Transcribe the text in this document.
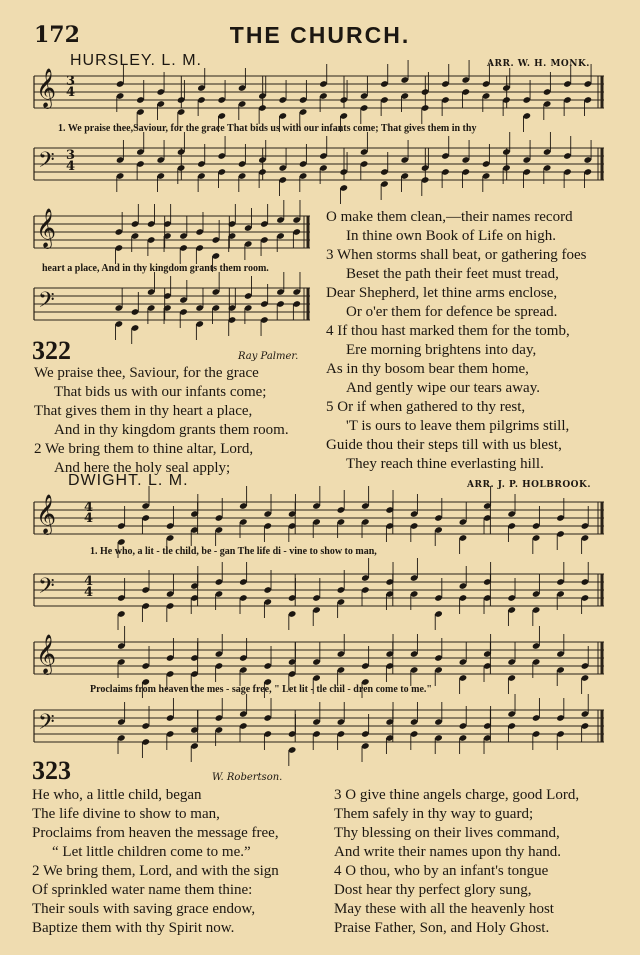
172	THE CHURCH.
HURSLEY. L. M.	ARR. W. H. MONK.
𝄞 3
4
1. We praise thee,Saviour, for the grace That bids us with our infants come; That gives them in thy
𝄢 3
4
𝄞
heart a place, And in thy kingdom grants them room.
𝄢
322	Ray Palmer.
We praise thee, Saviour, for the grace
That bids us with our infants come;
That gives them in thy heart a place,
And in thy kingdom grants them room.
2 We bring them to thine altar, Lord,
And here the holy seal apply;
O make them clean,—their names record
In thine own Book of Life on high.
3 When storms shall beat, or gathering foes
Beset the path their feet must tread,
Dear Shepherd, let thine arms enclose,
Or o'er them for defence be spread.
4 If thou hast marked them for the tomb,
Ere morning brightens into day,
As in thy bosom bear them home,
And gently wipe our tears away.
5 Or if when gathered to thy rest,
'T is ours to leave them pilgrims still,
Guide thou their steps till with us blest,
They reach thine everlasting hill.
DWIGHT. L. M.	ARR. J. P. HOLBROOK.
𝄞 4
4
1. He who, a lit - tle child, be - gan The life di - vine to show to man,
𝄢 4
4
𝄞
Proclaims from heaven the mes - sage free, " Let lit - tle chil - dren come to me."
𝄢
323	W. Robertson.
He who, a little child, began
The life divine to show to man,
Proclaims from heaven the message free,
“ Let little children come to me.”
2 We bring them, Lord, and with the sign
Of sprinkled water name them thine:
Their souls with saving grace endow,
Baptize them with thy Spirit now.
3 O give thine angels charge, good Lord,
Them safely in thy way to guard;
Thy blessing on their lives command,
And write their names upon thy hand.
4 O thou, who by an infant's tongue
Dost hear thy perfect glory sung,
May these with all the heavenly host
Praise Father, Son, and Holy Ghost.
